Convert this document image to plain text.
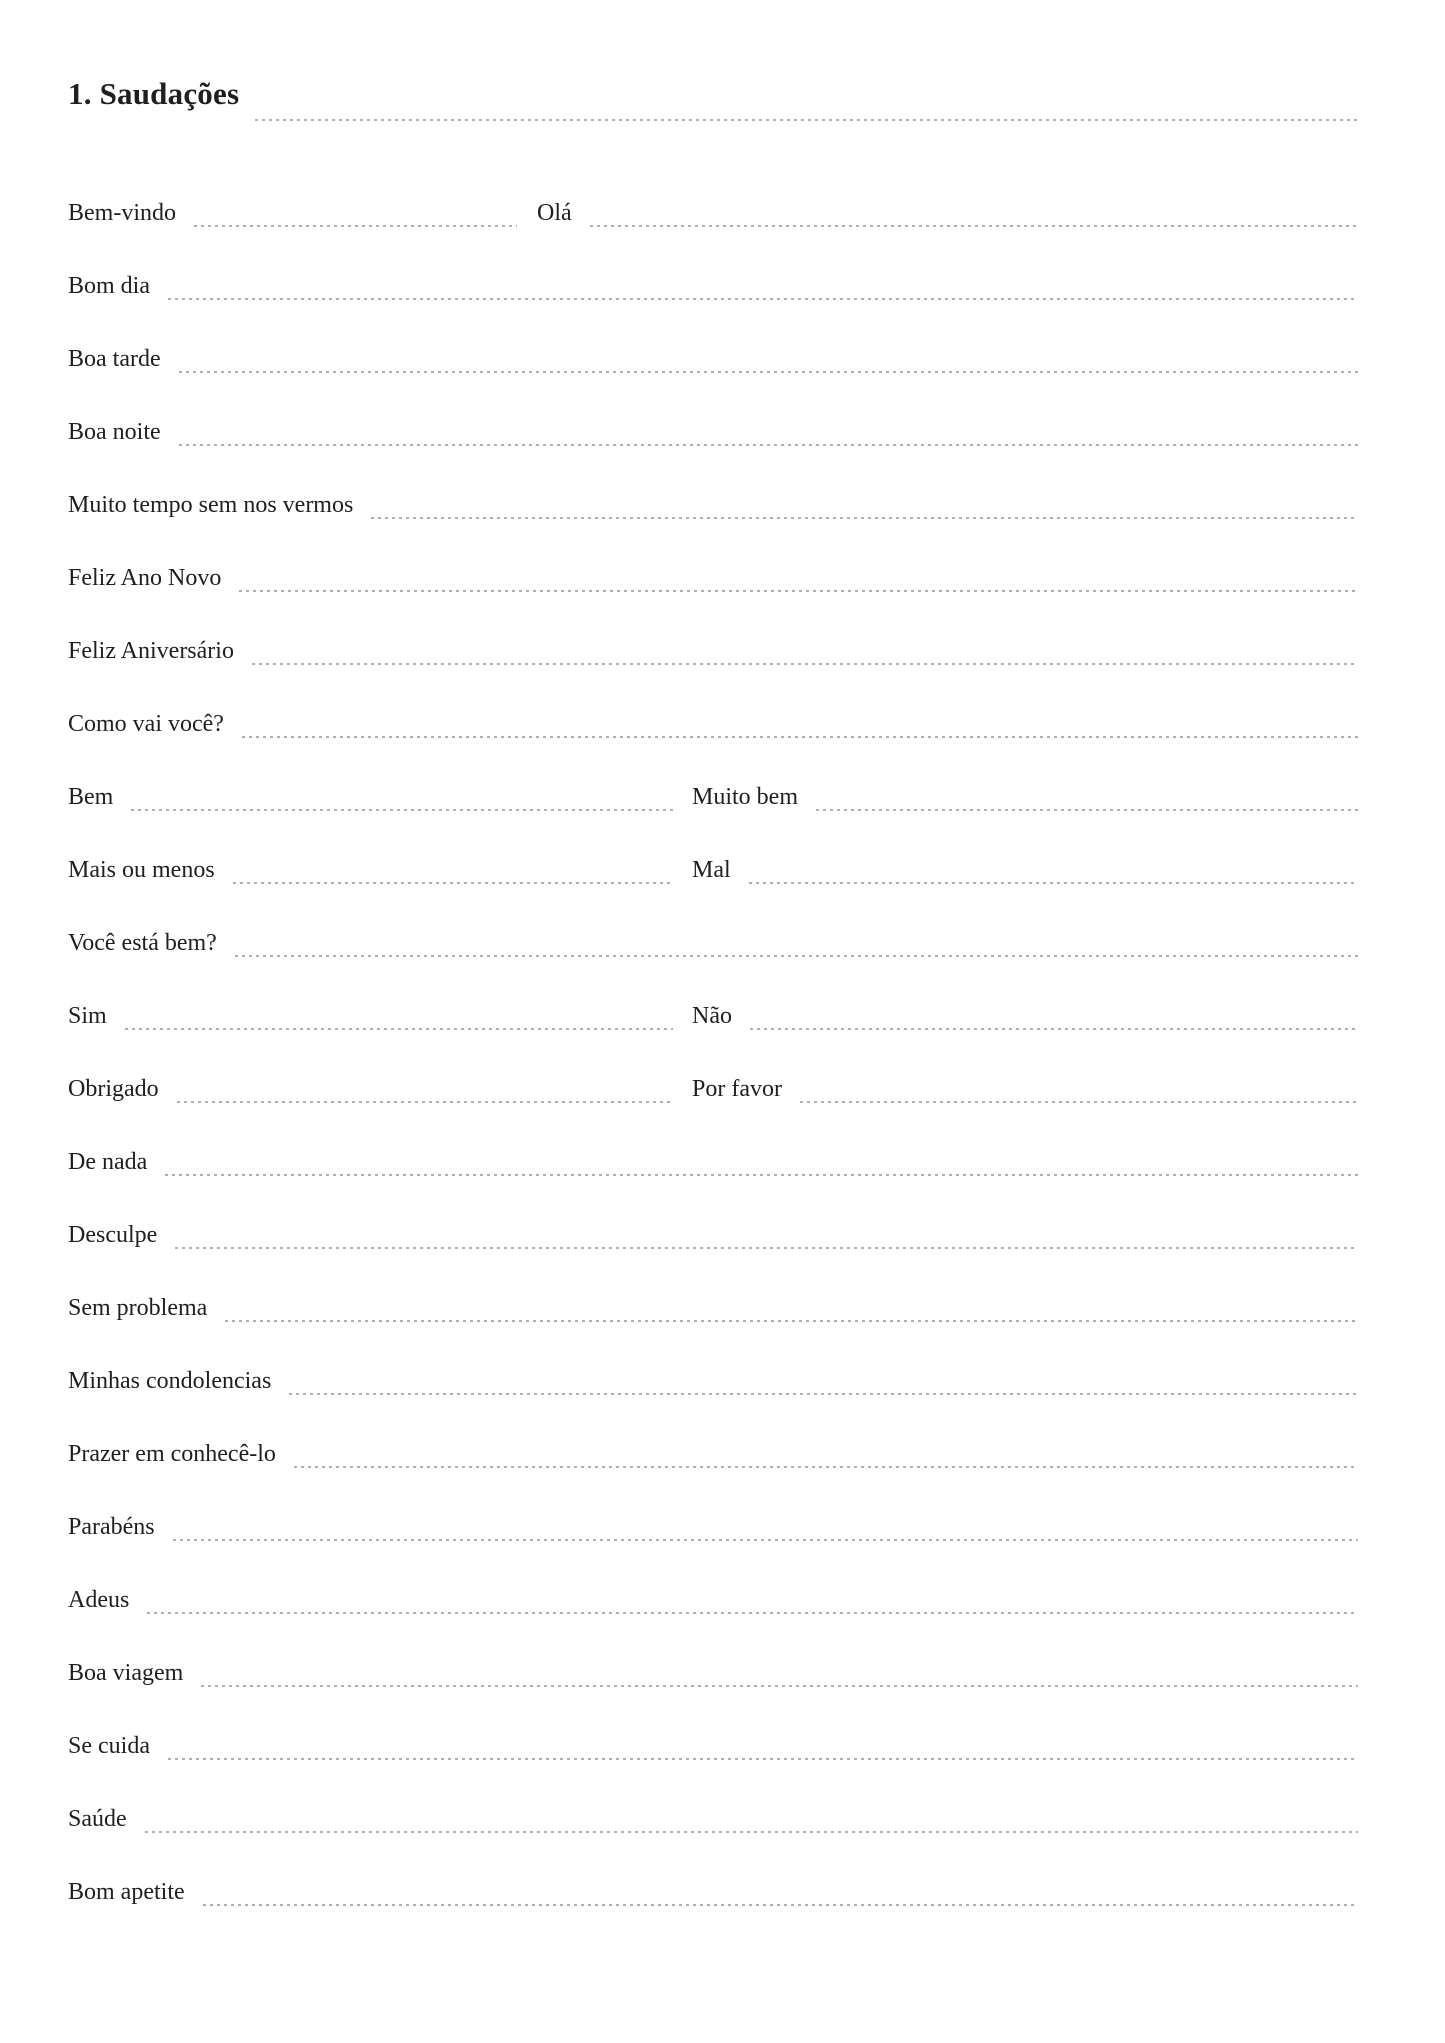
1. Saudações
Bem-vindo	Olá
Bom dia
Boa tarde
Boa noite
Muito tempo sem nos vermos
Feliz Ano Novo
Feliz Aniversário
Como vai você?
Bem	Muito bem
Mais ou menos	Mal
Você está bem?
Sim	Não
Obrigado	Por favor
De nada
Desculpe
Sem problema
Minhas condolencias
Prazer em conhecê-lo
Parabéns
Adeus
Boa viagem
Se cuida
Saúde
Bom apetite
